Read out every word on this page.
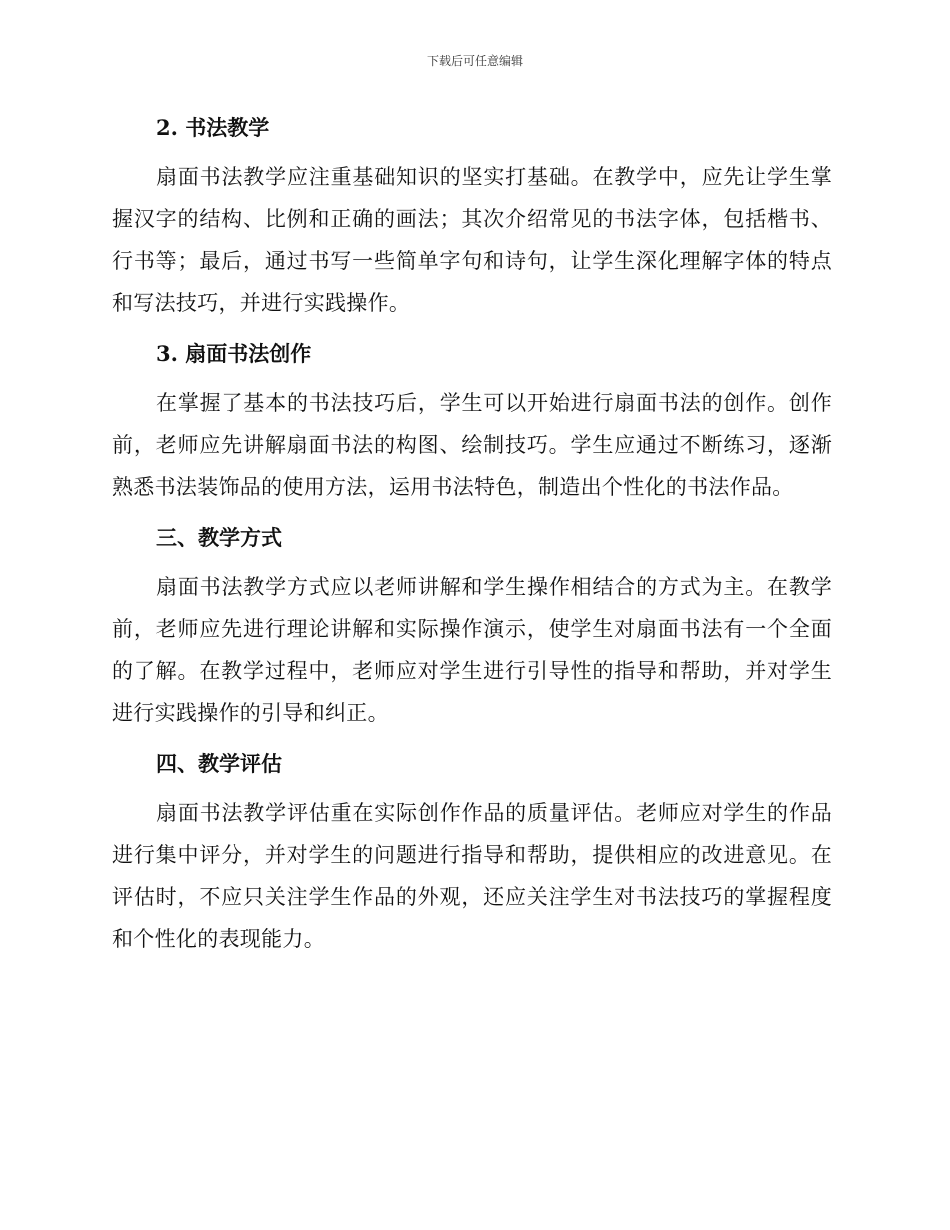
下载后可任意编辑
2. 书法教学

扇面书法教学应注重基础知识的坚实打基础。在教学中，应先让学生掌握汉字的结构、比例和正确的画法；其次介绍常见的书法字体，包括楷书、行书等；最后，通过书写一些简单字句和诗句，让学生深化理解字体的特点和写法技巧，并进行实践操作。

3. 扇面书法创作

在掌握了基本的书法技巧后，学生可以开始进行扇面书法的创作。创作前，老师应先讲解扇面书法的构图、绘制技巧。学生应通过不断练习，逐渐熟悉书法装饰品的使用方法，运用书法特色，制造出个性化的书法作品。

三、教学方式

扇面书法教学方式应以老师讲解和学生操作相结合的方式为主。在教学前，老师应先进行理论讲解和实际操作演示，使学生对扇面书法有一个全面的了解。在教学过程中，老师应对学生进行引导性的指导和帮助，并对学生进行实践操作的引导和纠正。

四、教学评估

扇面书法教学评估重在实际创作作品的质量评估。老师应对学生的作品进行集中评分，并对学生的问题进行指导和帮助，提供相应的改进意见。在评估时，不应只关注学生作品的外观，还应关注学生对书法技巧的掌握程度和个性化的表现能力。
